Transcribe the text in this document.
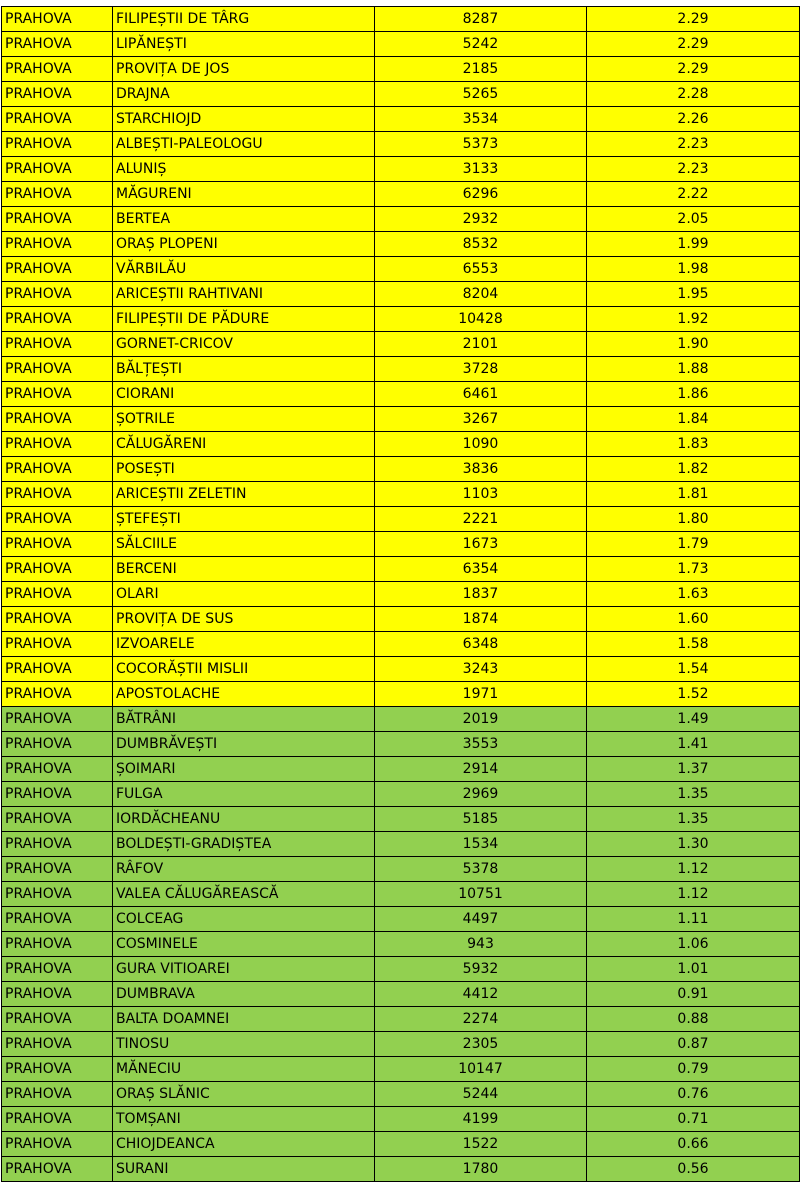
PRAHOVA	FILIPEȘTII DE TÂRG	8287	2.29
PRAHOVA	LIPĂNEȘTI	5242	2.29
PRAHOVA	PROVIȚA DE JOS	2185	2.29
PRAHOVA	DRAJNA	5265	2.28
PRAHOVA	STARCHIOJD	3534	2.26
PRAHOVA	ALBEȘTI-PALEOLOGU	5373	2.23
PRAHOVA	ALUNIȘ	3133	2.23
PRAHOVA	MĂGURENI	6296	2.22
PRAHOVA	BERTEA	2932	2.05
PRAHOVA	ORAȘ PLOPENI	8532	1.99
PRAHOVA	VĂRBILĂU	6553	1.98
PRAHOVA	ARICEȘTII RAHTIVANI	8204	1.95
PRAHOVA	FILIPEȘTII DE PĂDURE	10428	1.92
PRAHOVA	GORNET-CRICOV	2101	1.90
PRAHOVA	BĂLȚEȘTI	3728	1.88
PRAHOVA	CIORANI	6461	1.86
PRAHOVA	ȘOTRILE	3267	1.84
PRAHOVA	CĂLUGĂRENI	1090	1.83
PRAHOVA	POSEȘTI	3836	1.82
PRAHOVA	ARICEȘTII ZELETIN	1103	1.81
PRAHOVA	ȘTEFEȘTI	2221	1.80
PRAHOVA	SĂLCIILE	1673	1.79
PRAHOVA	BERCENI	6354	1.73
PRAHOVA	OLARI	1837	1.63
PRAHOVA	PROVIȚA DE SUS	1874	1.60
PRAHOVA	IZVOARELE	6348	1.58
PRAHOVA	COCORĂȘTII MISLII	3243	1.54
PRAHOVA	APOSTOLACHE	1971	1.52
PRAHOVA	BĂTRÂNI	2019	1.49
PRAHOVA	DUMBRĂVEȘTI	3553	1.41
PRAHOVA	ȘOIMARI	2914	1.37
PRAHOVA	FULGA	2969	1.35
PRAHOVA	IORDĂCHEANU	5185	1.35
PRAHOVA	BOLDEȘTI-GRADIȘTEA	1534	1.30
PRAHOVA	RÂFOV	5378	1.12
PRAHOVA	VALEA CĂLUGĂREASCĂ	10751	1.12
PRAHOVA	COLCEAG	4497	1.11
PRAHOVA	COSMINELE	943	1.06
PRAHOVA	GURA VITIOAREI	5932	1.01
PRAHOVA	DUMBRAVA	4412	0.91
PRAHOVA	BALTA DOAMNEI	2274	0.88
PRAHOVA	TINOSU	2305	0.87
PRAHOVA	MĂNECIU	10147	0.79
PRAHOVA	ORAȘ SLĂNIC	5244	0.76
PRAHOVA	TOMȘANI	4199	0.71
PRAHOVA	CHIOJDEANCA	1522	0.66
PRAHOVA	SURANI	1780	0.56
